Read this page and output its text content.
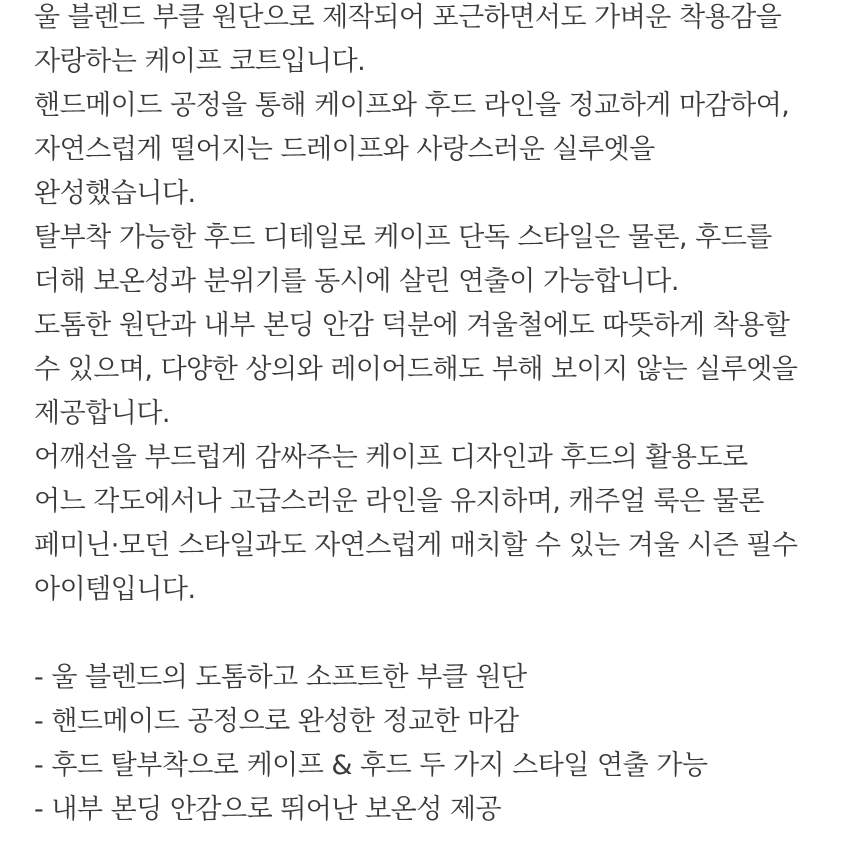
울 블렌드 부클 원단으로 제작되어 포근하면서도 가벼운 착용감을
자랑하는 케이프 코트입니다.
핸드메이드 공정을 통해 케이프와 후드 라인을 정교하게 마감하여,
자연스럽게 떨어지는 드레이프와 사랑스러운 실루엣을
완성했습니다.
탈부착 가능한 후드 디테일로 케이프 단독 스타일은 물론, 후드를
더해 보온성과 분위기를 동시에 살린 연출이 가능합니다.
도톰한 원단과 내부 본딩 안감 덕분에 겨울철에도 따뜻하게 착용할
수 있으며, 다양한 상의와 레이어드해도 부해 보이지 않는 실루엣을
제공합니다.
어깨선을 부드럽게 감싸주는 케이프 디자인과 후드의 활용도로
어느 각도에서나 고급스러운 라인을 유지하며, 캐주얼 룩은 물론
페미닌·모던 스타일과도 자연스럽게 매치할 수 있는 겨울 시즌 필수
아이템입니다.
- 울 블렌드의 도톰하고 소프트한 부클 원단
- 핸드메이드 공정으로 완성한 정교한 마감
- 후드 탈부착으로 케이프 & 후드 두 가지 스타일 연출 가능
- 내부 본딩 안감으로 뛰어난 보온성 제공
